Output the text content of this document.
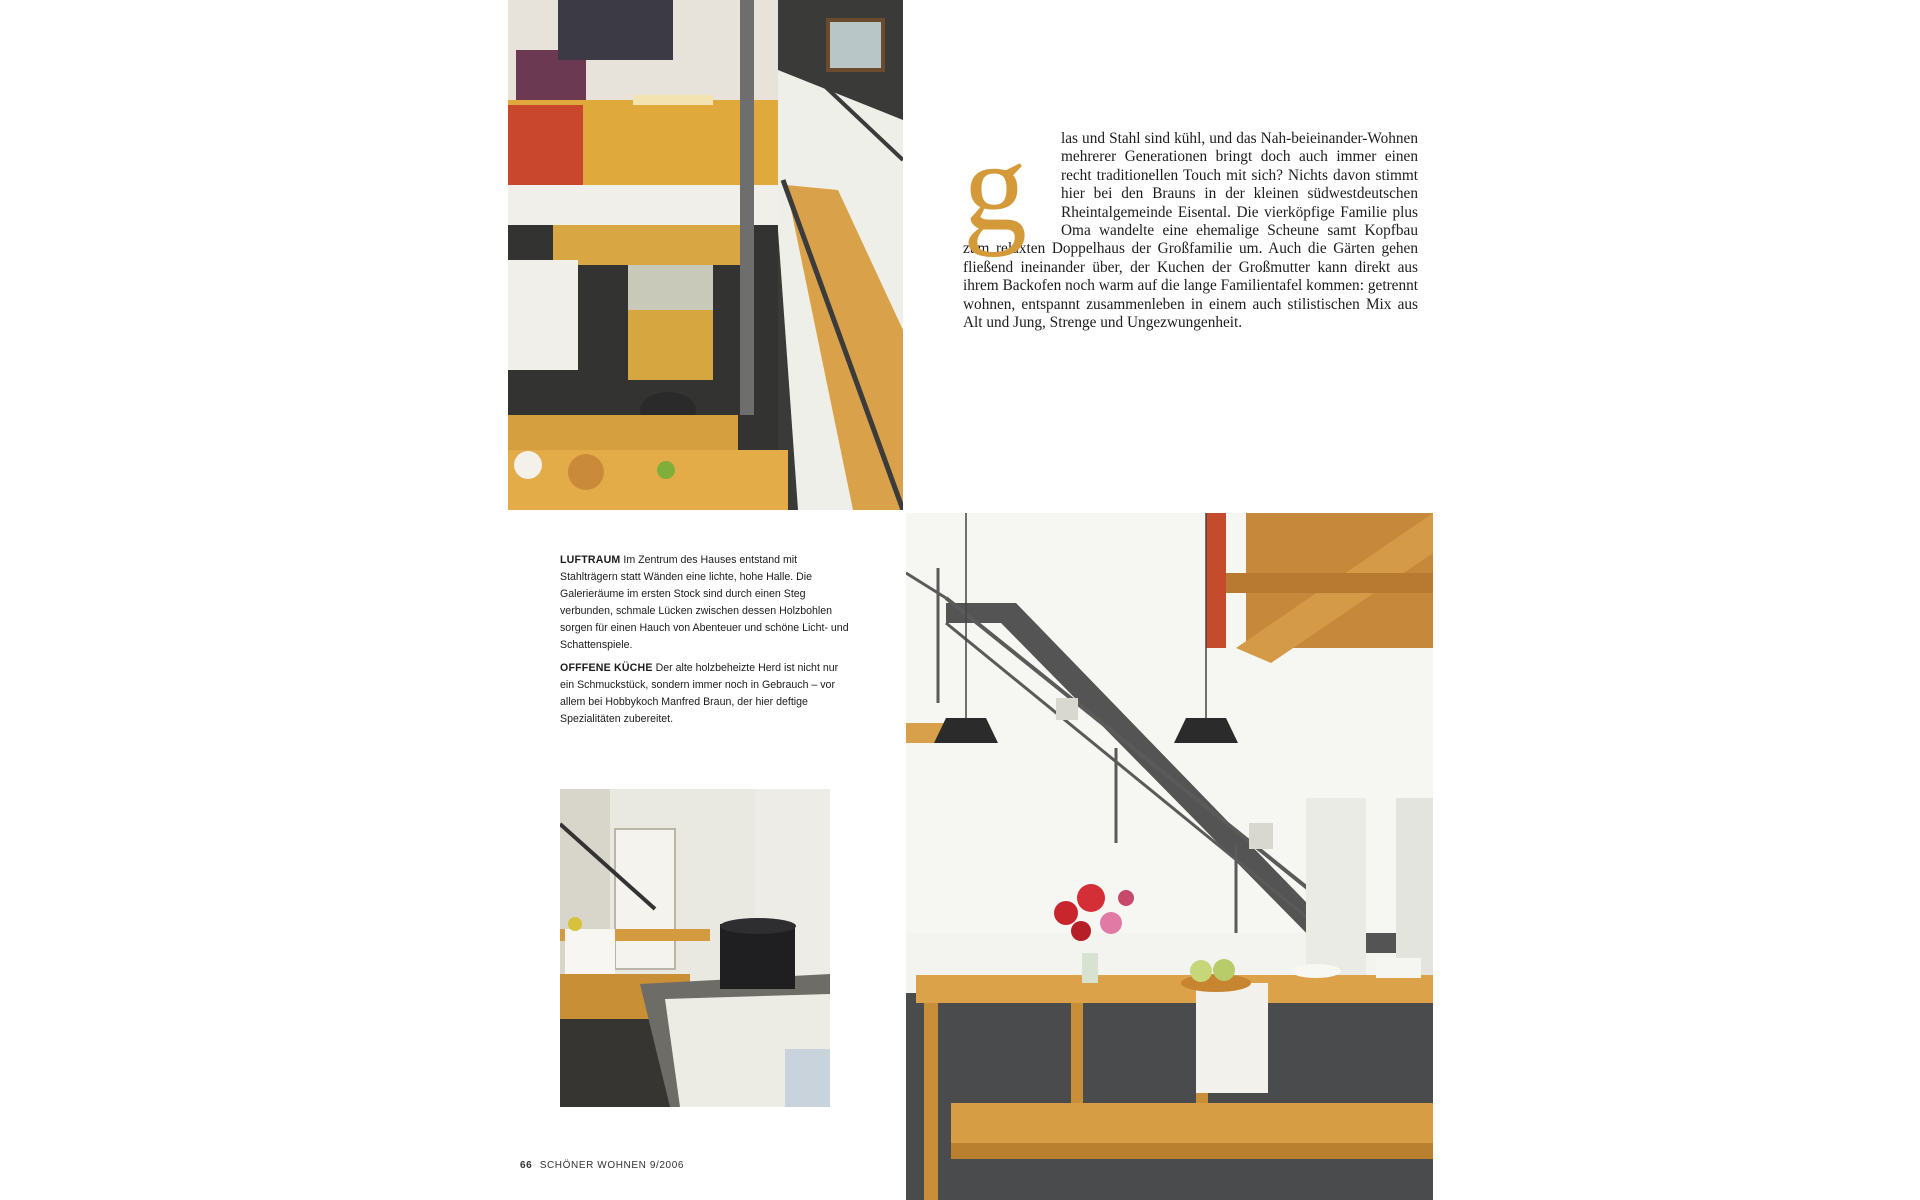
g	las und Stahl sind kühl, und das Nah-beieinander-Wohnen mehrerer Generationen bringt doch auch immer einen recht traditionellen Touch mit sich? Nichts davon stimmt hier bei den Brauns in der kleinen südwestdeutschen Rheintalgemeinde Eisental. Die vierköpfige Familie plus Oma wandelte eine ehemalige Scheune samt Kopfbau zum relaxten Doppelhaus der Großfamilie um. Auch die Gärten gehen fließend ineinander über, der Kuchen der Großmutter kann direkt aus ihrem Backofen noch warm auf die lange Familientafel kommen: getrennt wohnen, entspannt zusammenleben in einem auch stilistischen Mix aus Alt und Jung, Strenge und Ungezwungenheit.

LUFTRAUM Im Zentrum des Hauses entstand mit Stahlträgern statt Wänden eine lichte, hohe Halle. Die Galerieräume im ersten Stock sind durch einen Steg verbunden, schmale Lücken zwischen dessen Holzbohlen sorgen für einen Hauch von Abenteuer und schöne Licht- und Schattenspiele.

OFFFENE KÜCHE Der alte holzbeheizte Herd ist nicht nur ein Schmuckstück, sondern immer noch in Gebrauch – vor allem bei Hobbykoch Manfred Braun, der hier deftige Spezialitäten zubereitet.

66 SCHÖNER WOHNEN 9/2006
